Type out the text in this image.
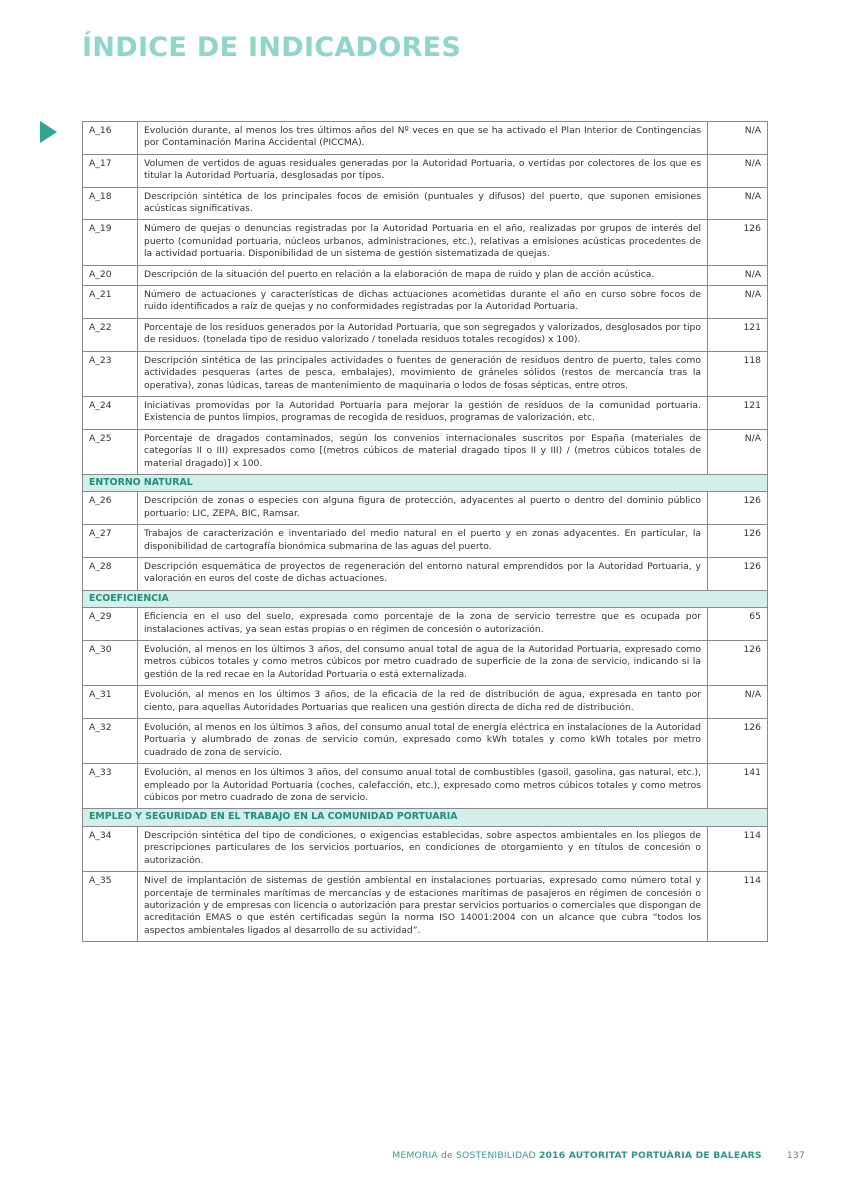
ÍNDICE DE INDICADORES
A_16	Evolución durante, al menos los tres últimos años del Nº veces en que se ha activado el Plan Interior de Contingencias por Contaminación Marina Accidental (PICCMA).	N/A
A_17	Volumen de vertidos de aguas residuales generadas por la Autoridad Portuaria, o vertidas por colectores de los que es titular la Autoridad Portuaria, desglosadas por tipos.	N/A
A_18	Descripción sintética de los principales focos de emisión (puntuales y difusos) del puerto, que suponen emisiones acústicas significativas.	N/A
A_19	Número de quejas o denuncias registradas por la Autoridad Portuaria en el año, realizadas por grupos de interés del puerto (comunidad portuaria, núcleos urbanos, administraciones, etc.), relativas a emisiones acústicas procedentes de la actividad portuaria. Disponibilidad de un sistema de gestión sistematizada de quejas.	126
A_20	Descripción de la situación del puerto en relación a la elaboración de mapa de ruido y plan de acción acústica.	N/A
A_21	Número de actuaciones y características de dichas actuaciones acometidas durante el año en curso sobre focos de ruido identificados a raíz de quejas y no conformidades registradas por la Autoridad Portuaria.	N/A
A_22	Porcentaje de los residuos generados por la Autoridad Portuaria, que son segregados y valorizados, desglosados por tipo de residuos. (tonelada tipo de residuo valorizado / tonelada residuos totales recogidos) x 100).	121
A_23	Descripción sintética de las principales actividades o fuentes de generación de residuos dentro de puerto, tales como actividades pesqueras (artes de pesca, embalajes), movimiento de gráneles sólidos (restos de mercancía tras la operativa), zonas lúdicas, tareas de mantenimiento de maquinaria o lodos de fosas sépticas, entre otros.	118
A_24	Iniciativas promovidas por la Autoridad Portuaria para mejorar la gestión de residuos de la comunidad portuaria. Existencia de puntos limpios, programas de recogida de residuos, programas de valorización, etc.	121
A_25	Porcentaje de dragados contaminados, según los convenios internacionales suscritos por España (materiales de categorías II o III) expresados como [(metros cúbicos de material dragado tipos II y III) / (metros cúbicos totales de material dragado)] x 100.	N/A
ENTORNO NATURAL		
A_26	Descripción de zonas o especies con alguna figura de protección, adyacentes al puerto o dentro del dominio público portuario: LIC, ZEPA, BIC, Ramsar.	126
A_27	Trabajos de caracterización e inventariado del medio natural en el puerto y en zonas adyacentes. En particular, la disponibilidad de cartografía bionómica submarina de las aguas del puerto.	126
A_28	Descripción esquemática de proyectos de regeneración del entorno natural emprendidos por la Autoridad Portuaria, y valoración en euros del coste de dichas actuaciones.	126
ECOEFICIENCIA		
A_29	Eficiencia en el uso del suelo, expresada como porcentaje de la zona de servicio terrestre que es ocupada por instalaciones activas, ya sean estas propias o en régimen de concesión o autorización.	65
A_30	Evolución, al menos en los últimos 3 años, del consumo anual total de agua de la Autoridad Portuaria, expresado como metros cúbicos totales y como metros cúbicos por metro cuadrado de superficie de la zona de servicio, indicando si la gestión de la red recae en la Autoridad Portuaria o está externalizada.	126
A_31	Evolución, al menos en los últimos 3 años, de la eficacia de la red de distribución de agua, expresada en tanto por ciento, para aquellas Autoridades Portuarias que realicen una gestión directa de dicha red de distribución.	N/A
A_32	Evolución, al menos en los últimos 3 años, del consumo anual total de energía eléctrica en instalaciones de la Autoridad Portuaria y alumbrado de zonas de servicio común, expresado como kWh totales y como kWh totales por metro cuadrado de zona de servicio.	126
A_33	Evolución, al menos en los últimos 3 años, del consumo anual total de combustibles (gasoil, gasolina, gas natural, etc.), empleado por la Autoridad Portuaria (coches, calefacción, etc.), expresado como metros cúbicos totales y como metros cúbicos por metro cuadrado de zona de servicio.	141
EMPLEO Y SEGURIDAD EN EL TRABAJO EN LA COMUNIDAD PORTUARIA		
A_34	Descripción sintética del tipo de condiciones, o exigencias establecidas, sobre aspectos ambientales en los pliegos de prescripciones particulares de los servicios portuarios, en condiciones de otorgamiento y en títulos de concesión o autorización.	114
A_35	Nivel de implantación de sistemas de gestión ambiental en instalaciones portuarias, expresado como número total y porcentaje de terminales marítimas de mercancías y de estaciones marítimas de pasajeros en régimen de concesión o autorización y de empresas con licencia o autorización para prestar servicios portuarios o comerciales que dispongan de acreditación EMAS o que estén certificadas según la norma ISO 14001:2004 con un alcance que cubra “todos los aspectos ambientales ligados al desarrollo de su actividad”.	114
MEMORIA de SOSTENIBILIDAD 2016 AUTORITAT PORTUÀRIA DE BALEARS	137
